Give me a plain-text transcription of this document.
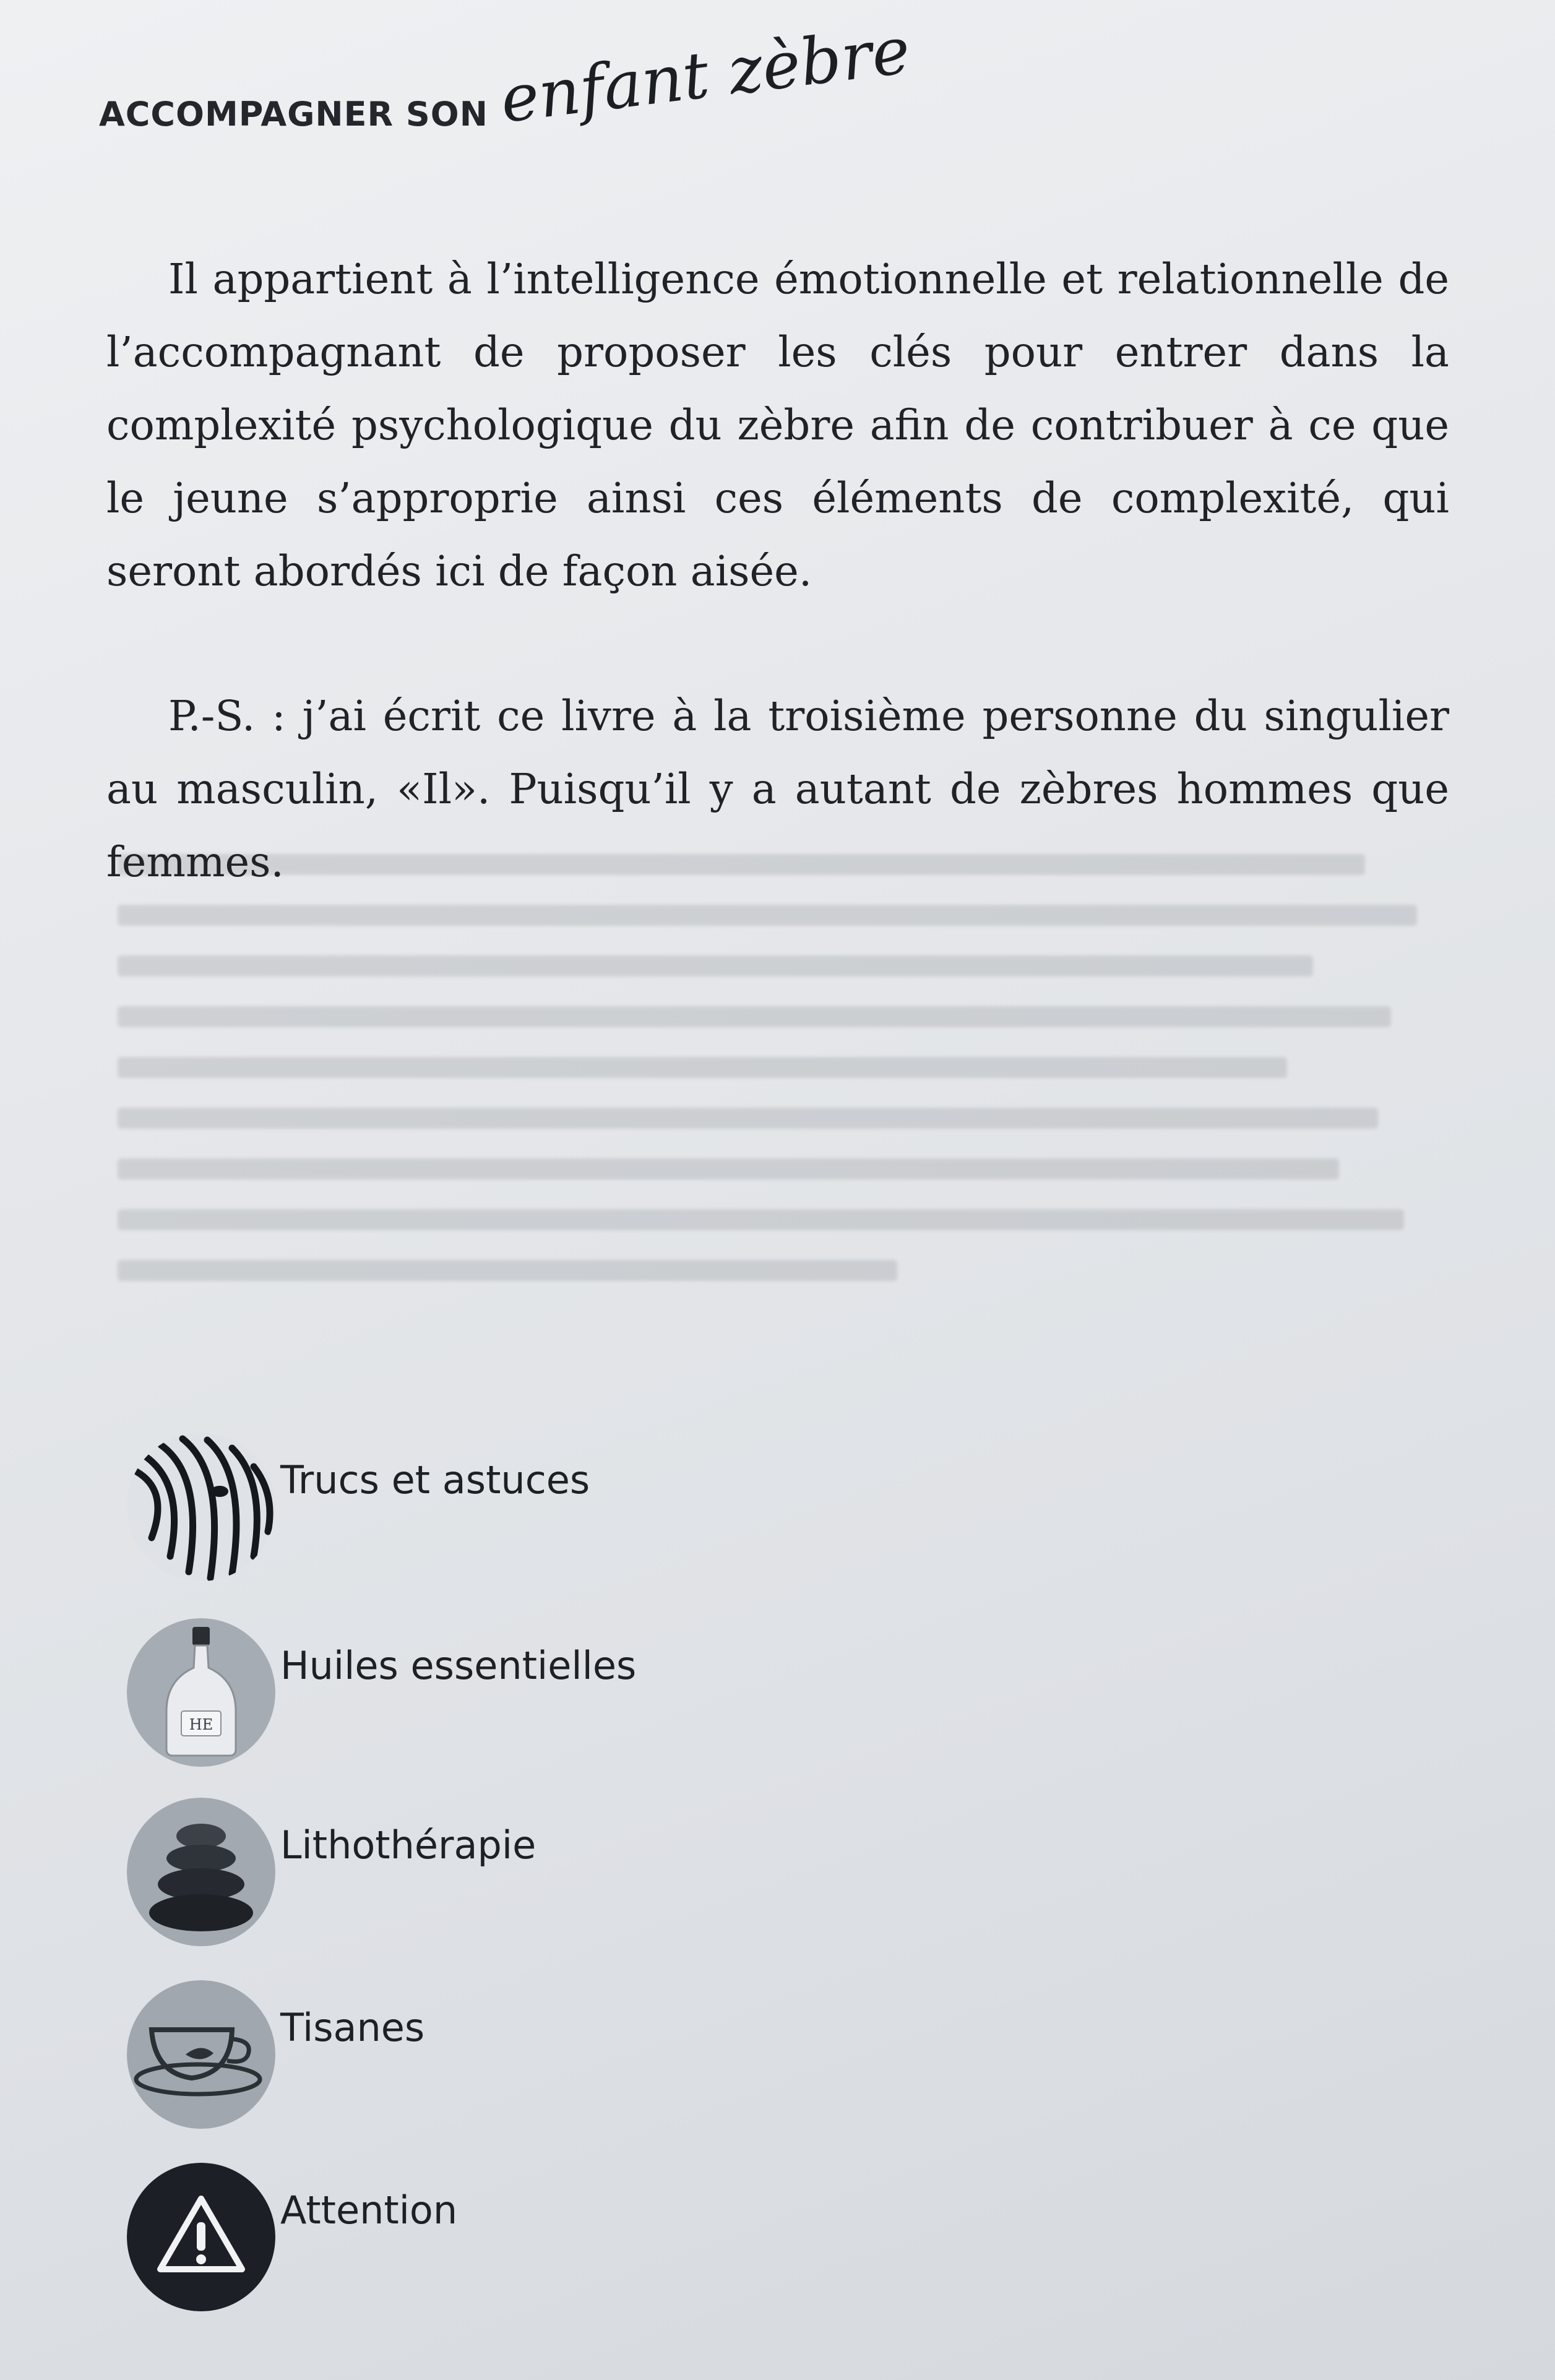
ACCOMPAGNER SON enfant zèbre

Il appartient à l’intelligence émotionnelle et relationnelle de l’accompagnant de proposer les clés pour entrer dans la complexité psychologique du zèbre afin de contribuer à ce que le jeune s’approprie ainsi ces éléments de complexité, qui seront abordés ici de façon aisée.

P.-S. : j’ai écrit ce livre à la troisième personne du singulier au masculin, «Il». Puisqu’il y a autant de zèbres hommes que femmes.

Trucs et astuces
HE
Huiles essentielles
Lithothérapie
Tisanes
Attention
